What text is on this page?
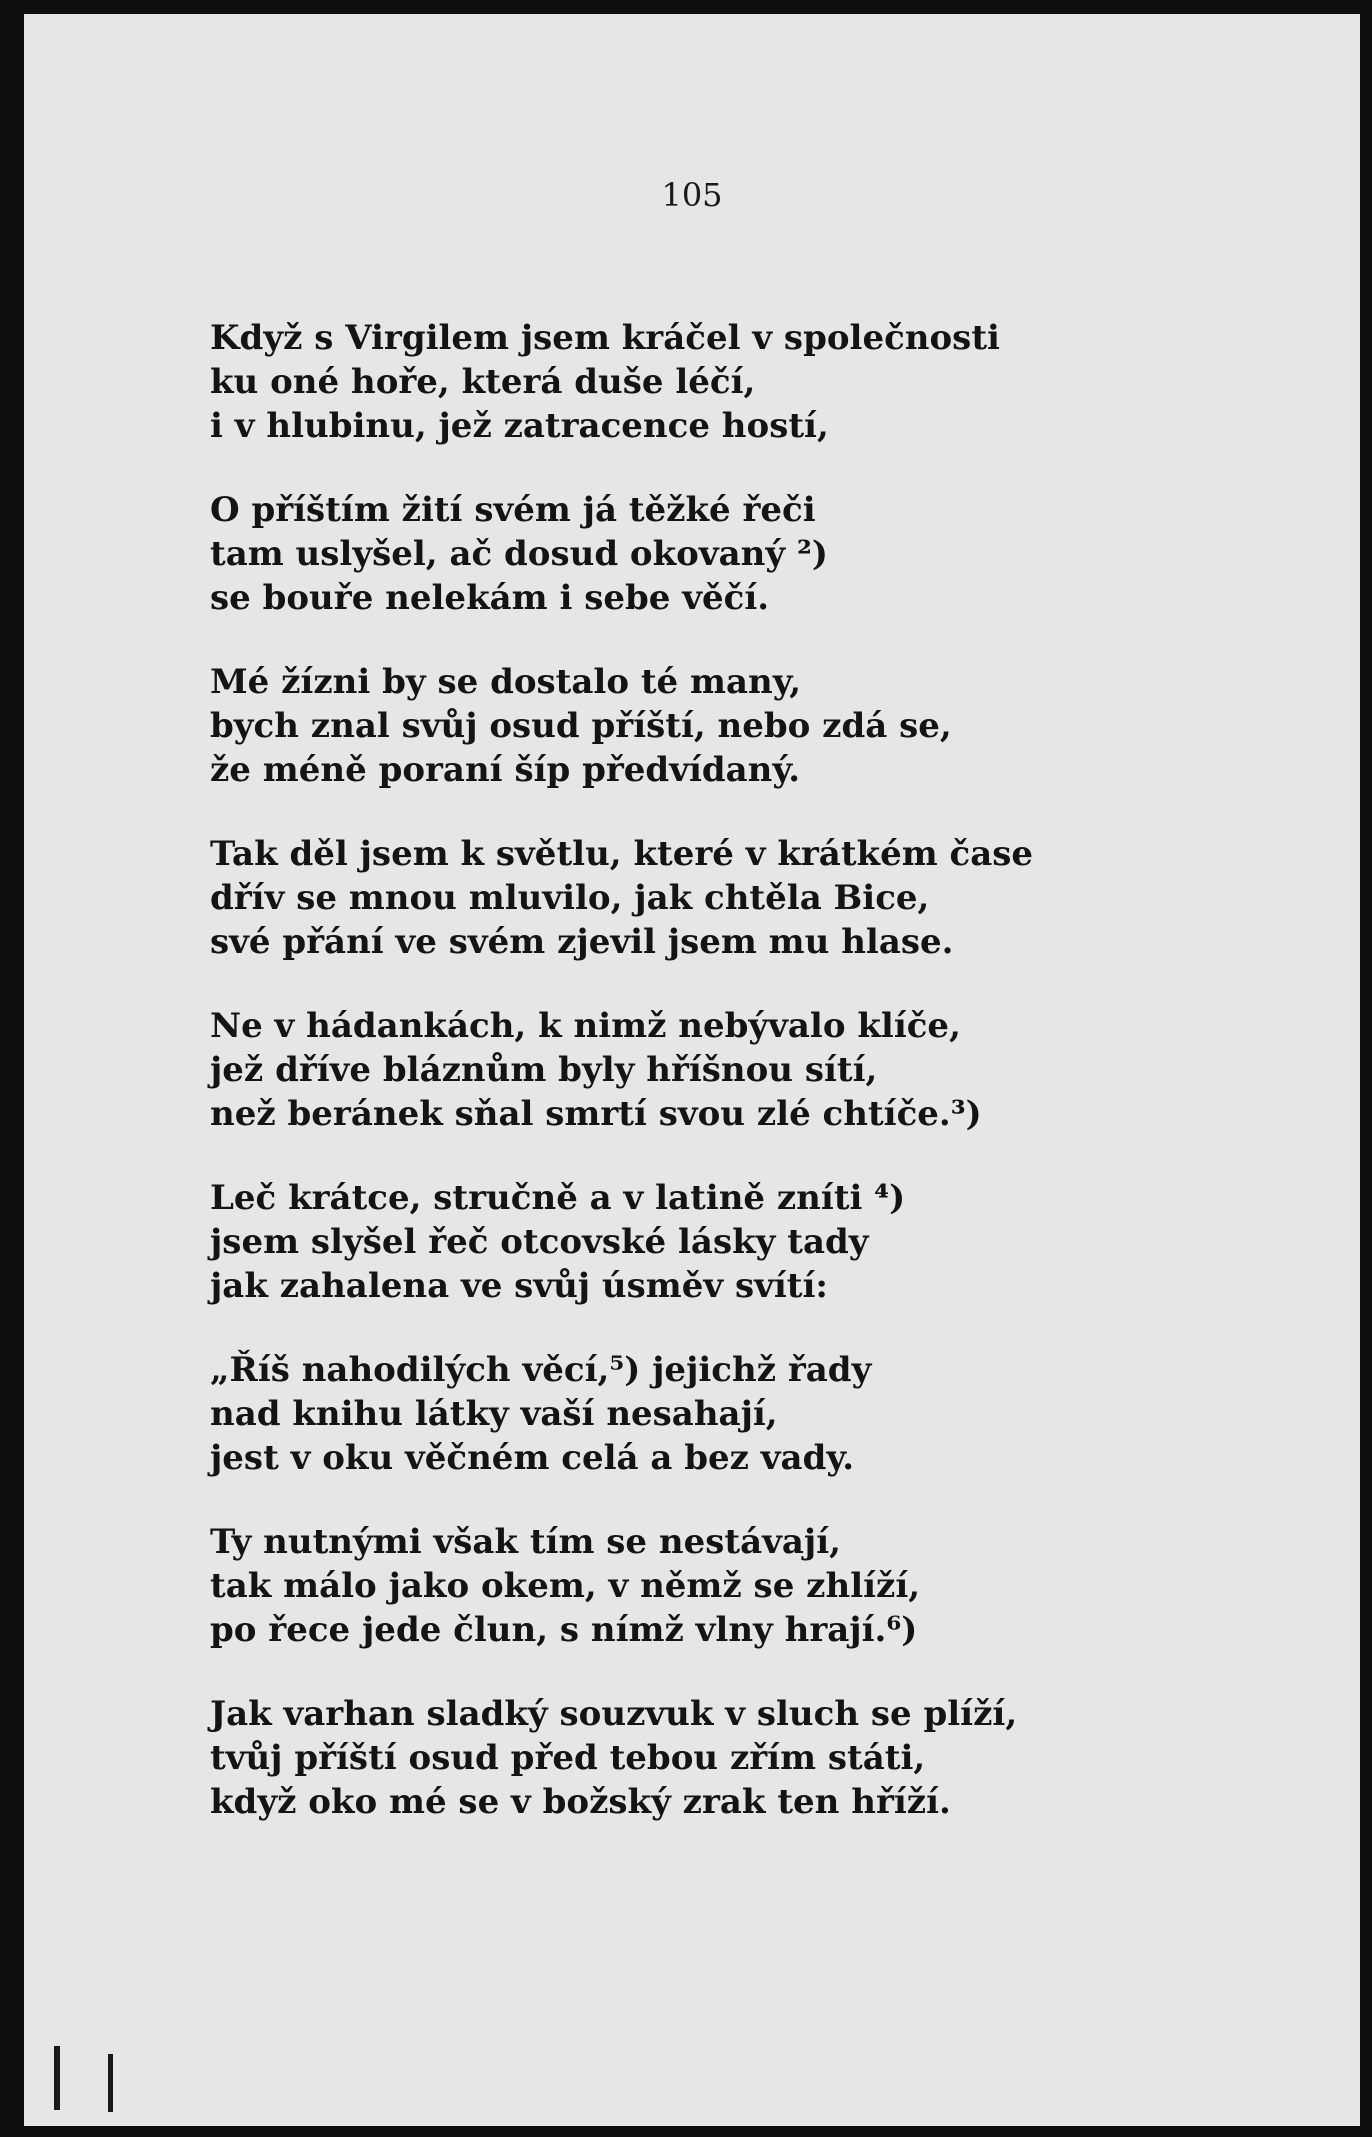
105

Když s Virgilem jsem kráčel v společnosti
ku oné hoře, která duše léčí,
i v hlubinu, jež zatracence hostí,

O příštím žití svém já těžké řeči
tam uslyšel, ač dosud okovaný ²)
se bouře nelekám i sebe věčí.

Mé žízni by se dostalo té many,
bych znal svůj osud příští, nebo zdá se,
že méně poraní šíp předvídaný.

Tak děl jsem k světlu, které v krátkém čase
dřív se mnou mluvilo, jak chtěla Bice,
své přání ve svém zjevil jsem mu hlase.

Ne v hádankách, k nimž nebývalo klíče,
jež dříve bláznům byly hříšnou sítí,
než beránek sňal smrtí svou zlé chtíče.³)

Leč krátce, stručně a v latině zníti ⁴)
jsem slyšel řeč otcovské lásky tady
jak zahalena ve svůj úsměv svítí:

„Říš nahodilých věcí,⁵) jejichž řady
nad knihu látky vaší nesahají,
jest v oku věčném celá a bez vady.

Ty nutnými však tím se nestávají,
tak málo jako okem, v němž se zhlíží,
po řece jede člun, s nímž vlny hrají.⁶)

Jak varhan sladký souzvuk v sluch se plíží,
tvůj příští osud před tebou zřím státi,
když oko mé se v božský zrak ten hříží.
